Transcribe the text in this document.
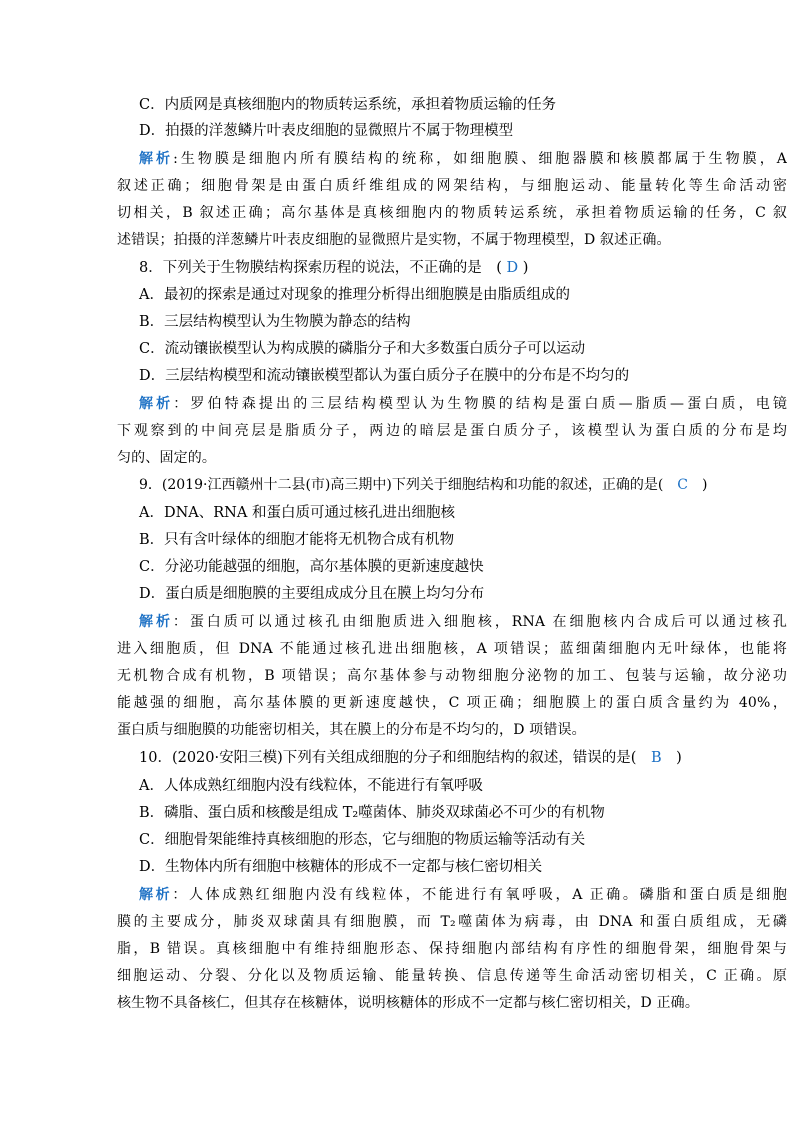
C．内质网是真核细胞内的物质转运系统，承担着物质运输的任务
D．拍摄的洋葱鳞片叶表皮细胞的显微照片不属于物理模型
解析:生物膜是细胞内所有膜结构的统称，如细胞膜、细胞器膜和核膜都属于生物膜，A
叙述正确；细胞骨架是由蛋白质纤维组成的网架结构，与细胞运动、能量转化等生命活动密
切相关，B 叙述正确；高尔基体是真核细胞内的物质转运系统，承担着物质运输的任务，C 叙
述错误；拍摄的洋葱鳞片叶表皮细胞的显微照片是实物，不属于物理模型，D 叙述正确。
8．下列关于生物膜结构探索历程的说法，不正确的是　( D )
A．最初的探索是通过对现象的推理分析得出细胞膜是由脂质组成的
B．三层结构模型认为生物膜为静态的结构
C．流动镶嵌模型认为构成膜的磷脂分子和大多数蛋白质分子可以运动
D．三层结构模型和流动镶嵌模型都认为蛋白质分子在膜中的分布是不均匀的
解析：罗伯特森提出的三层结构模型认为生物膜的结构是蛋白质—脂质—蛋白质，电镜
下观察到的中间亮层是脂质分子，两边的暗层是蛋白质分子，该模型认为蛋白质的分布是均
匀的、固定的。
9．(2019·江西赣州十二县(市)高三期中)下列关于细胞结构和功能的叙述，正确的是(　 C　 )
A．DNA、RNA 和蛋白质可通过核孔进出细胞核
B．只有含叶绿体的细胞才能将无机物合成有机物
C．分泌功能越强的细胞，高尔基体膜的更新速度越快
D．蛋白质是细胞膜的主要组成成分且在膜上均匀分布
解析：蛋白质可以通过核孔由细胞质进入细胞核，RNA 在细胞核内合成后可以通过核孔
进入细胞质，但 DNA 不能通过核孔进出细胞核，A 项错误；蓝细菌细胞内无叶绿体，也能将
无机物合成有机物，B 项错误；高尔基体参与动物细胞分泌物的加工、包装与运输，故分泌功
能越强的细胞，高尔基体膜的更新速度越快，C 项正确；细胞膜上的蛋白质含量约为 40%，
蛋白质与细胞膜的功能密切相关，其在膜上的分布是不均匀的，D 项错误。
10．(2020·安阳三模)下列有关组成细胞的分子和细胞结构的叙述，错误的是(　 B　 )
A．人体成熟红细胞内没有线粒体，不能进行有氧呼吸
B．磷脂、蛋白质和核酸是组成 T₂噬菌体、肺炎双球菌必不可少的有机物
C．细胞骨架能维持真核细胞的形态，它与细胞的物质运输等活动有关
D．生物体内所有细胞中核糖体的形成不一定都与核仁密切相关
解析：人体成熟红细胞内没有线粒体，不能进行有氧呼吸，A 正确。磷脂和蛋白质是细胞
膜的主要成分，肺炎双球菌具有细胞膜，而 T₂噬菌体为病毒，由 DNA 和蛋白质组成，无磷
脂，B 错误。真核细胞中有维持细胞形态、保持细胞内部结构有序性的细胞骨架，细胞骨架与
细胞运动、分裂、分化以及物质运输、能量转换、信息传递等生命活动密切相关，C 正确。原
核生物不具备核仁，但其存在核糖体，说明核糖体的形成不一定都与核仁密切相关，D 正确。
